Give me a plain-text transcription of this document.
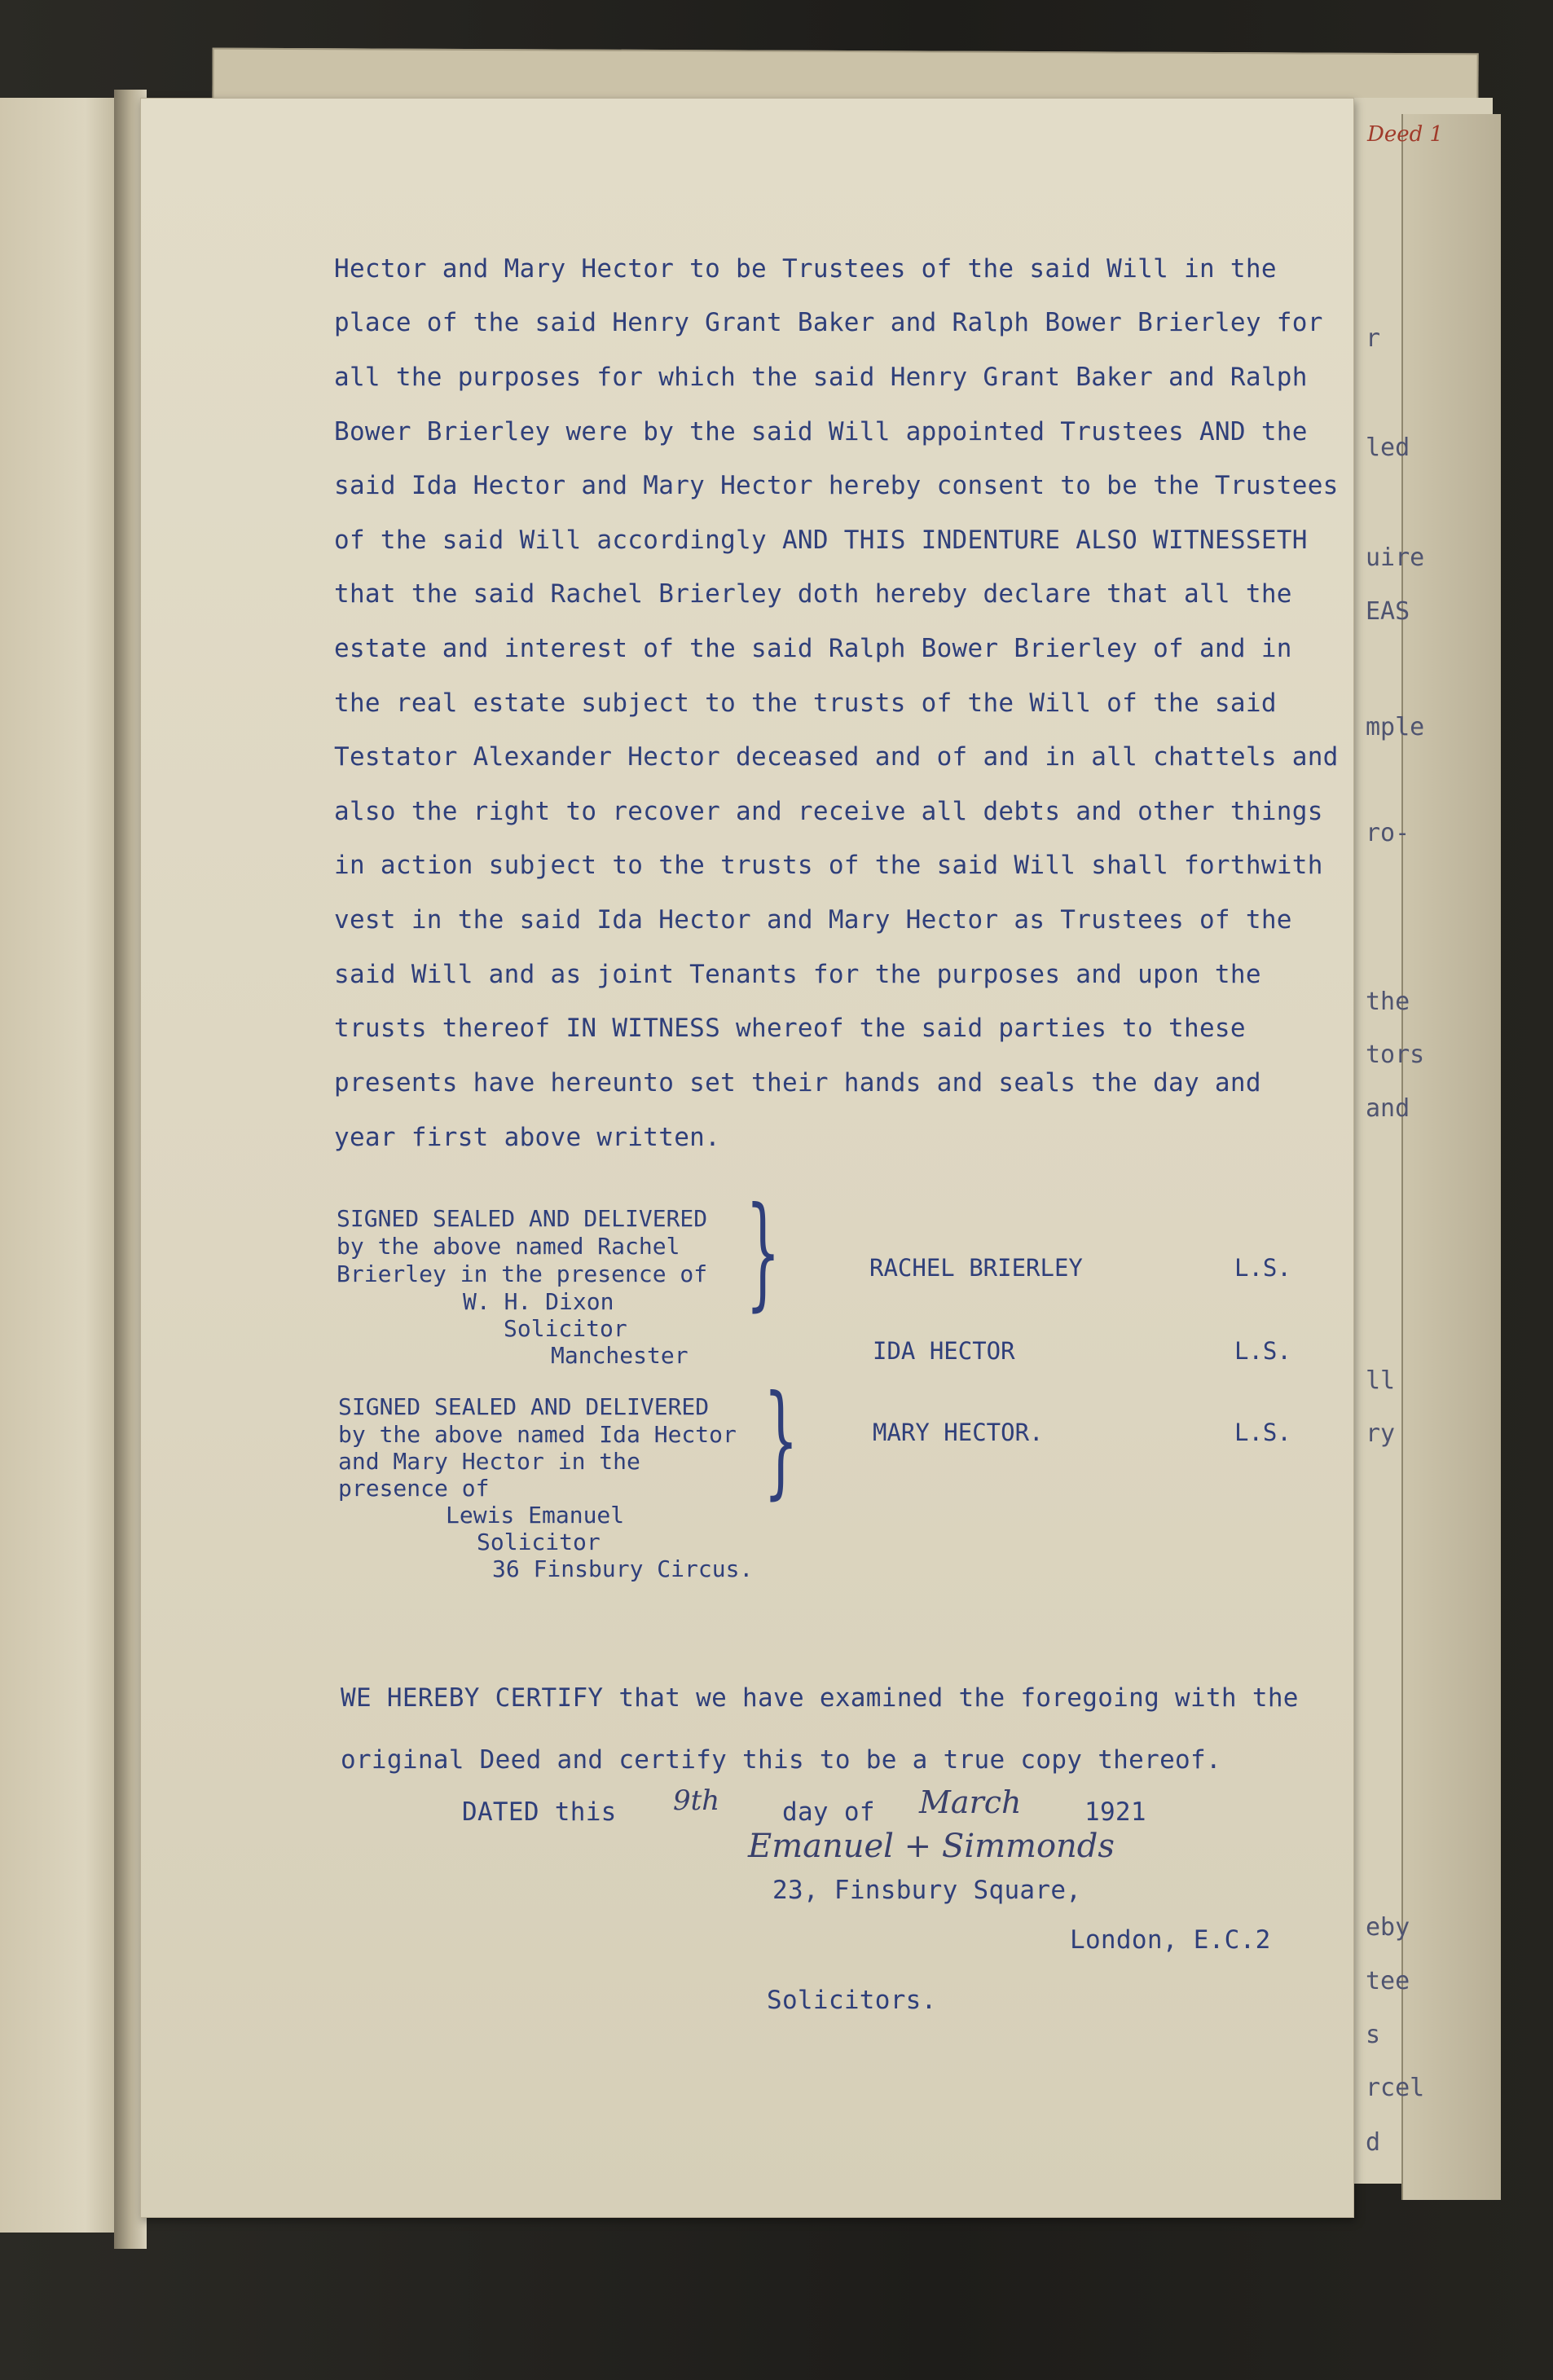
r
led
uire
EAS
mple
ro-
the
tors
and
ll
ry
eby
tee
s
rcel
d
Deed 1
Hector and Mary Hector to be Trustees of the said Will in the
place of the said Henry Grant Baker and Ralph Bower Brierley for
all the purposes for which the said Henry Grant Baker and Ralph
Bower Brierley were by the said Will appointed Trustees AND the
said Ida Hector and Mary Hector hereby consent to be the Trustees
of the said Will accordingly AND THIS INDENTURE ALSO WITNESSETH
that the said Rachel Brierley doth hereby declare that all the
estate and interest of the said Ralph Bower Brierley of and in
the real estate subject to the trusts of the Will of the said
Testator Alexander Hector deceased and of and in all chattels and
also the right to recover and receive all debts and other things
in action subject to the trusts of the said Will shall forthwith
vest in the said Ida Hector and Mary Hector as Trustees of the
said Will and as joint Tenants for the purposes and upon the
trusts thereof IN WITNESS whereof the said parties to these
presents have hereunto set their hands and seals the day and
year first above written.
SIGNED SEALED AND DELIVERED
by the above named Rachel
Brierley in the presence of
W. H. Dixon
Solicitor
Manchester
}	RACHEL BRIERLEY	L.S.
IDA HECTOR	L.S.
SIGNED SEALED AND DELIVERED
by the above named Ida Hector
and Mary Hector in the
presence of
Lewis Emanuel
Solicitor
36 Finsbury Circus.
}	MARY HECTOR.	L.S.
WE HEREBY CERTIFY that we have examined the foregoing with the
original Deed and certify this to be a true copy thereof.
DATED this 9th day of March	1921
Emanuel + Simmonds
23, Finsbury Square,
London, E.C.2
Solicitors.
